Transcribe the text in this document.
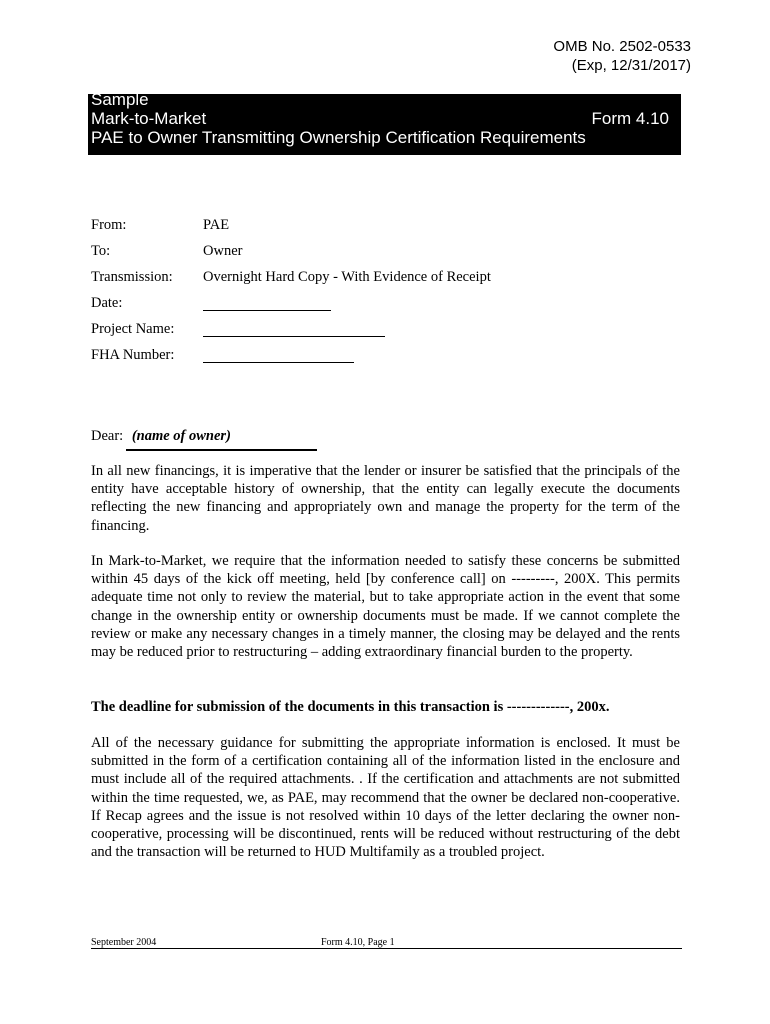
OMB No. 2502-0533
(Exp, 12/31/2017)
Sample
Mark-to-Market	Form 4.10
PAE to Owner Transmitting Ownership Certification Requirements
From:	PAE
To:	Owner
Transmission: Overnight Hard Copy - With Evidence of Receipt
Date:
Project Name:
FHA Number:
Dear: (name of owner)

In all new financings, it is imperative that the lender or insurer be satisfied that the principals of the entity have acceptable history of ownership, that the entity can legally execute the documents reflecting the new financing and appropriately own and manage the property for the term of the financing.

In Mark-to-Market, we require that the information needed to satisfy these concerns be submitted within 45 days of the kick off meeting, held [by conference call] on ---------, 200X. This permits adequate time not only to review the material, but to take appropriate action in the event that some change in the ownership entity or ownership documents must be made. If we cannot complete the review or make any necessary changes in a timely manner, the closing may be delayed and the rents may be reduced prior to restructuring – adding extraordinary financial burden to the property.

The deadline for submission of the documents in this transaction is -------------, 200x.

All of the necessary guidance for submitting the appropriate information is enclosed. It must be submitted in the form of a certification containing all of the information listed in the enclosure and must include all of the required attachments. . If the certification and attachments are not submitted within the time requested, we, as PAE, may recommend that the owner be declared non-cooperative. If Recap agrees and the issue is not resolved within 10 days of the letter declaring the owner non-cooperative, processing will be discontinued, rents will be reduced without restructuring of the debt and the transaction will be returned to HUD Multifamily as a troubled project.

September 2004	Form 4.10, Page 1
